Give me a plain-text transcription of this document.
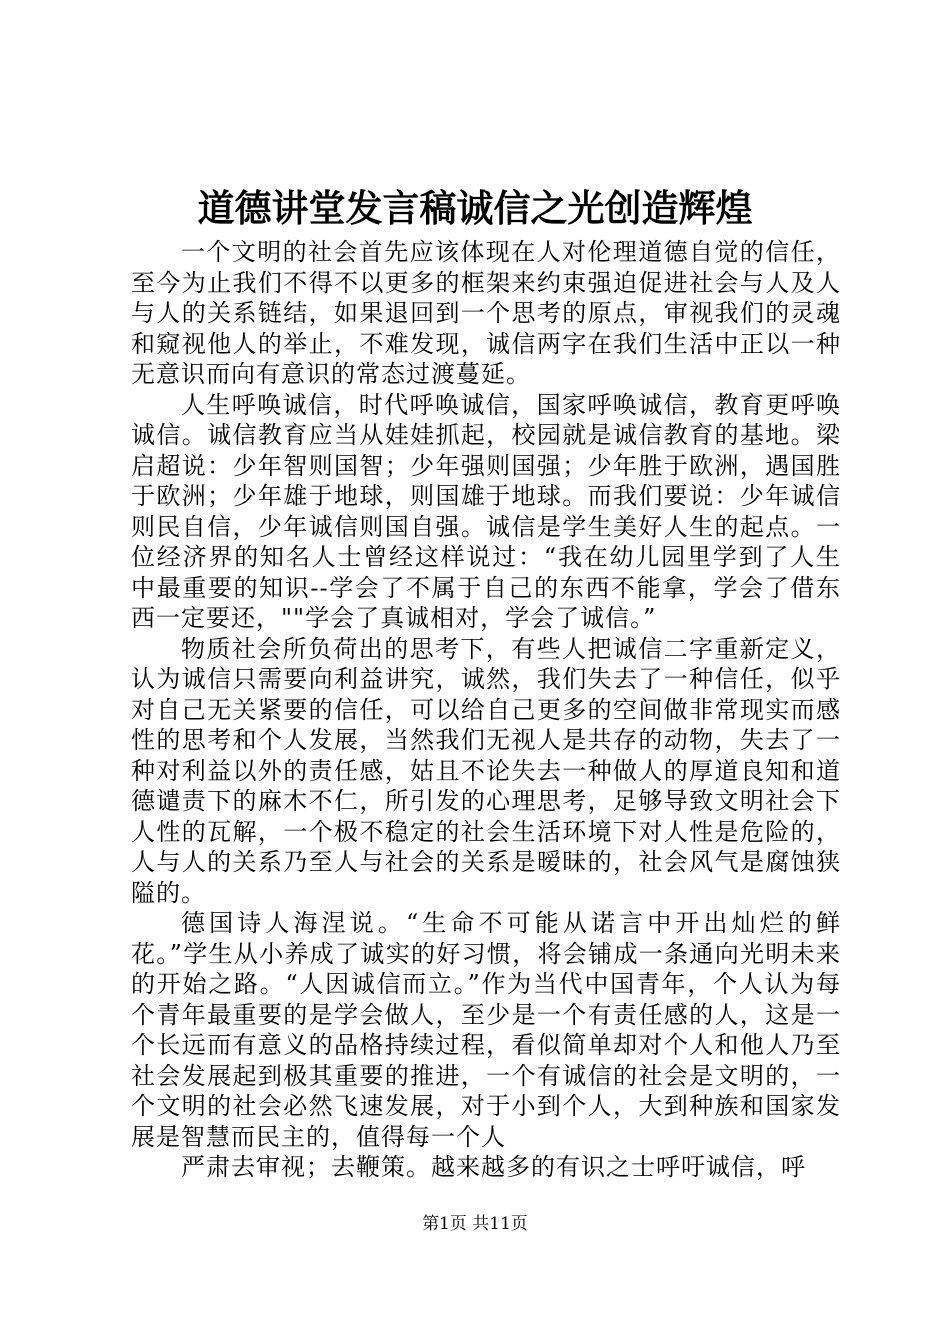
道德讲堂发言稿诚信之光创造辉煌

一个文明的社会首先应该体现在人对伦理道德自觉的信任，至今为止我们不得不以更多的框架来约束强迫促进社会与人及人与人的关系链结，如果退回到一个思考的原点，审视我们的灵魂和窥视他人的举止，不难发现，诚信两字在我们生活中正以一种无意识而向有意识的常态过渡蔓延。

人生呼唤诚信，时代呼唤诚信，国家呼唤诚信，教育更呼唤诚信。诚信教育应当从娃娃抓起，校园就是诚信教育的基地。梁启超说：少年智则国智；少年强则国强；少年胜于欧洲，遇国胜于欧洲；少年雄于地球，则国雄于地球。而我们要说：少年诚信则民自信，少年诚信则国自强。诚信是学生美好人生的起点。一位经济界的知名人士曾经这样说过：“我在幼儿园里学到了人生中最重要的知识--学会了不属于自己的东西不能拿，学会了借东西一定要还，""学会了真诚相对，学会了诚信。”

物质社会所负荷出的思考下，有些人把诚信二字重新定义，认为诚信只需要向利益讲究，诚然，我们失去了一种信任，似乎对自己无关紧要的信任，可以给自己更多的空间做非常现实而感性的思考和个人发展，当然我们无视人是共存的动物，失去了一种对利益以外的责任感，姑且不论失去一种做人的厚道良知和道德谴责下的麻木不仁，所引发的心理思考，足够导致文明社会下人性的瓦解，一个极不稳定的社会生活环境下对人性是危险的，人与人的关系乃至人与社会的关系是暧昧的，社会风气是腐蚀狭隘的。

德国诗人海涅说。“生命不可能从诺言中开出灿烂的鲜花。”学生从小养成了诚实的好习惯，将会铺成一条通向光明未来的开始之路。“人因诚信而立。”作为当代中国青年，个人认为每个青年最重要的是学会做人，至少是一个有责任感的人，这是一个长远而有意义的品格持续过程，看似简单却对个人和他人乃至社会发展起到极其重要的推进，一个有诚信的社会是文明的，一个文明的社会必然飞速发展，对于小到个人，大到种族和国家发展是智慧而民主的，值得每一个人

严肃去审视；去鞭策。越来越多的有识之士呼吁诚信，呼

第1页 共11页
